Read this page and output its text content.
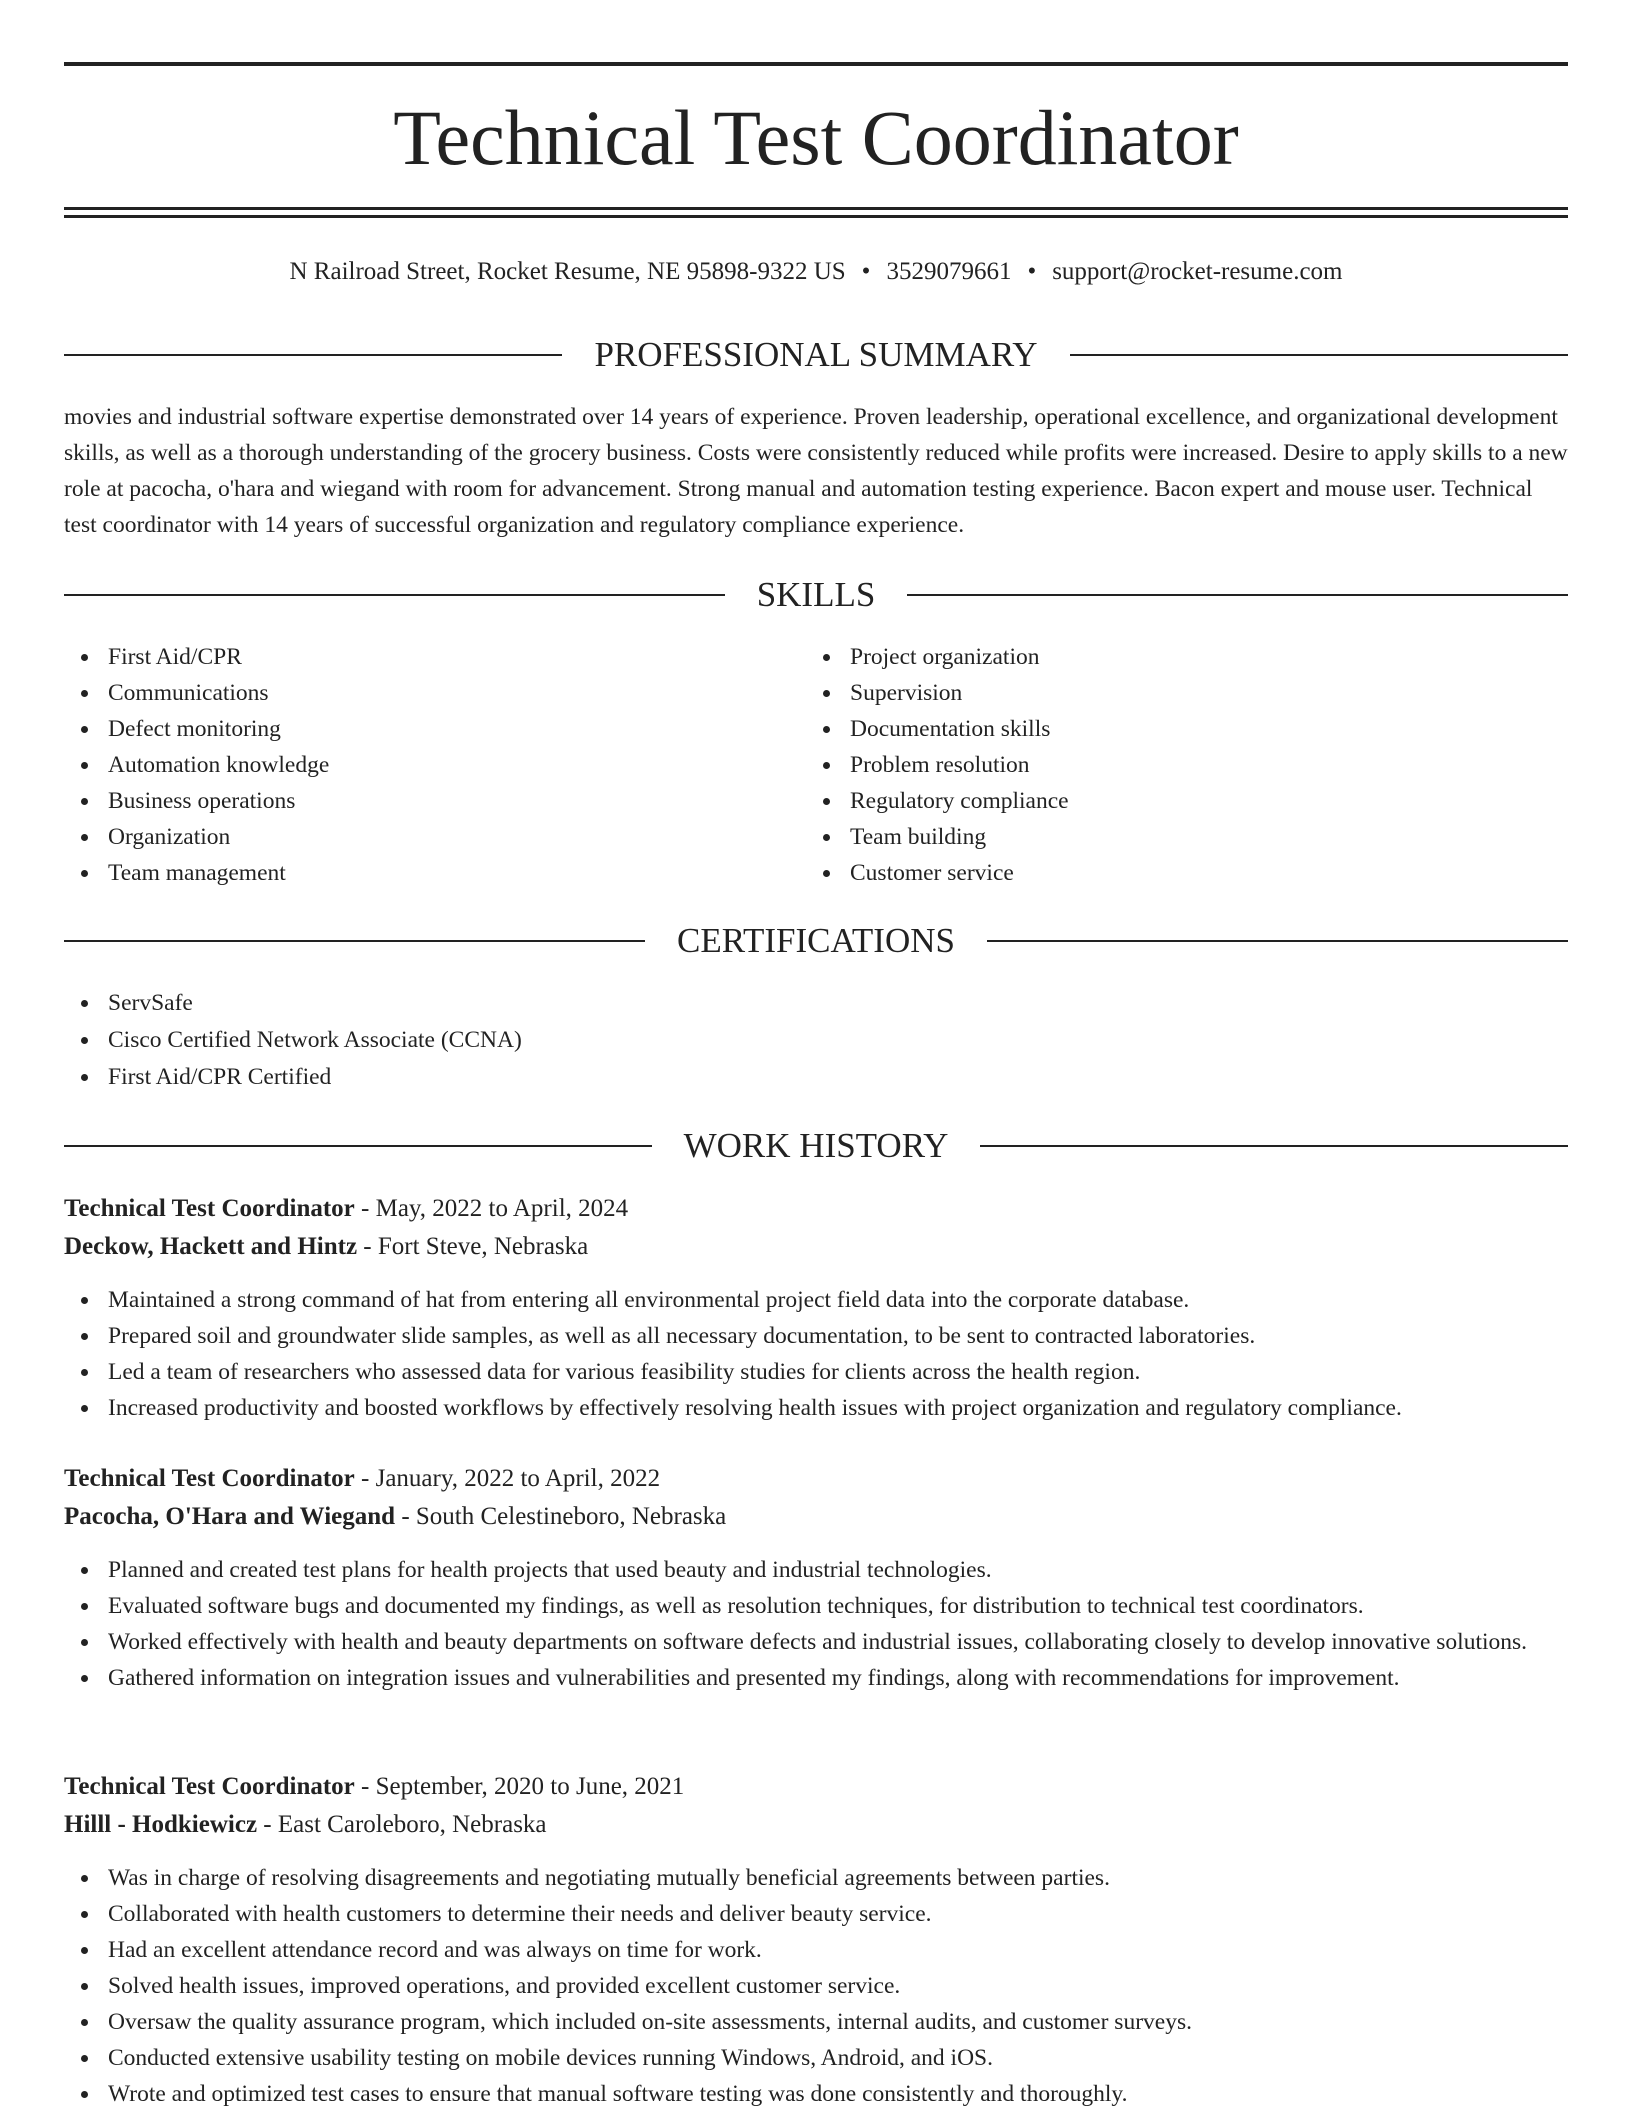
Technical Test Coordinator
N Railroad Street, Rocket Resume, NE 95898-9322 US • 3529079661 • support@rocket-resume.com
PROFESSIONAL SUMMARY

movies and industrial software expertise demonstrated over 14 years of experience. Proven leadership, operational excellence, and organizational development skills, as well as a thorough understanding of the grocery business. Costs were consistently reduced while profits were increased. Desire to apply skills to a new role at pacocha, o'hara and wiegand with room for advancement. Strong manual and automation testing experience. Bacon expert and mouse user. Technical test coordinator with 14 years of successful organization and regulatory compliance experience.

SKILLS
First Aid/CPR
Communications
Defect monitoring
Automation knowledge
Business operations
Organization
Team management
Project organization
Supervision
Documentation skills
Problem resolution
Regulatory compliance
Team building
Customer service
CERTIFICATIONS
ServSafe
Cisco Certified Network Associate (CCNA)
First Aid/CPR Certified
WORK HISTORY
Technical Test Coordinator - May, 2022 to April, 2024
Deckow, Hackett and Hintz - Fort Steve, Nebraska
Maintained a strong command of hat from entering all environmental project field data into the corporate database.
Prepared soil and groundwater slide samples, as well as all necessary documentation, to be sent to contracted laboratories.
Led a team of researchers who assessed data for various feasibility studies for clients across the health region.
Increased productivity and boosted workflows by effectively resolving health issues with project organization and regulatory compliance.
Technical Test Coordinator - January, 2022 to April, 2022
Pacocha, O'Hara and Wiegand - South Celestineboro, Nebraska
Planned and created test plans for health projects that used beauty and industrial technologies.
Evaluated software bugs and documented my findings, as well as resolution techniques, for distribution to technical test coordinators.
Worked effectively with health and beauty departments on software defects and industrial issues, collaborating closely to develop innovative solutions.
Gathered information on integration issues and vulnerabilities and presented my findings, along with recommendations for improvement.
Technical Test Coordinator - September, 2020 to June, 2021
Hilll - Hodkiewicz - East Caroleboro, Nebraska
Was in charge of resolving disagreements and negotiating mutually beneficial agreements between parties.
Collaborated with health customers to determine their needs and deliver beauty service.
Had an excellent attendance record and was always on time for work.
Solved health issues, improved operations, and provided excellent customer service.
Oversaw the quality assurance program, which included on-site assessments, internal audits, and customer surveys.
Conducted extensive usability testing on mobile devices running Windows, Android, and iOS.
Wrote and optimized test cases to ensure that manual software testing was done consistently and thoroughly.
